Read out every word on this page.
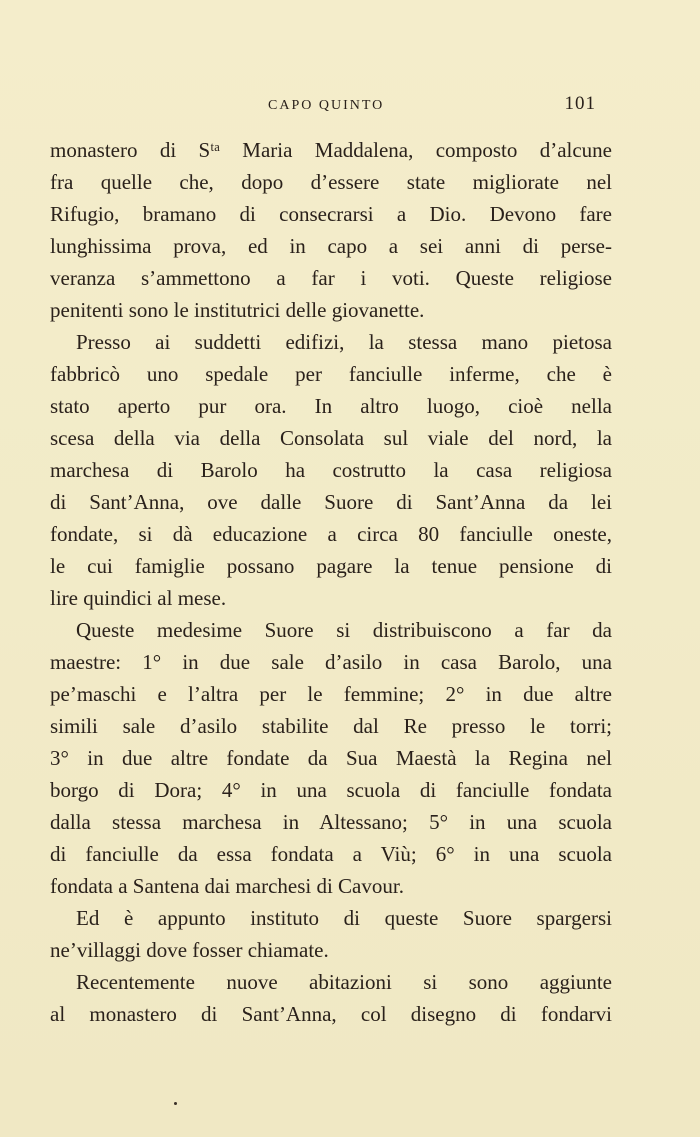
CAPO QUINTO	101
monastero di Sᵗᵃ Maria Maddalena, composto d’alcune
fra quelle che, dopo d’essere state migliorate nel
Rifugio, bramano di consecrarsi a Dio. Devono fare
lunghissima prova, ed in capo a sei anni di perse-
veranza s’ammettono a far i voti. Queste religiose
penitenti sono le institutrici delle giovanette.
Presso ai suddetti edifizi, la stessa mano pietosa
fabbricò uno spedale per fanciulle inferme, che è
stato aperto pur ora. In altro luogo, cioè nella
scesa della via della Consolata sul viale del nord, la
marchesa di Barolo ha costrutto la casa religiosa
di Sant’Anna, ove dalle Suore di Sant’Anna da lei
fondate, si dà educazione a circa 80 fanciulle oneste,
le cui famiglie possano pagare la tenue pensione di
lire quindici al mese.
Queste medesime Suore si distribuiscono a far da
maestre: 1° in due sale d’asilo in casa Barolo, una
pe’maschi e l’altra per le femmine; 2° in due altre
simili sale d’asilo stabilite dal Re presso le torri;
3° in due altre fondate da Sua Maestà la Regina nel
borgo di Dora; 4° in una scuola di fanciulle fondata
dalla stessa marchesa in Altessano; 5° in una scuola
di fanciulle da essa fondata a Viù; 6° in una scuola
fondata a Santena dai marchesi di Cavour.
Ed è appunto instituto di queste Suore spargersi
ne’villaggi dove fosser chiamate.
Recentemente nuove abitazioni si sono aggiunte
al monastero di Sant’Anna, col disegno di fondarvi
